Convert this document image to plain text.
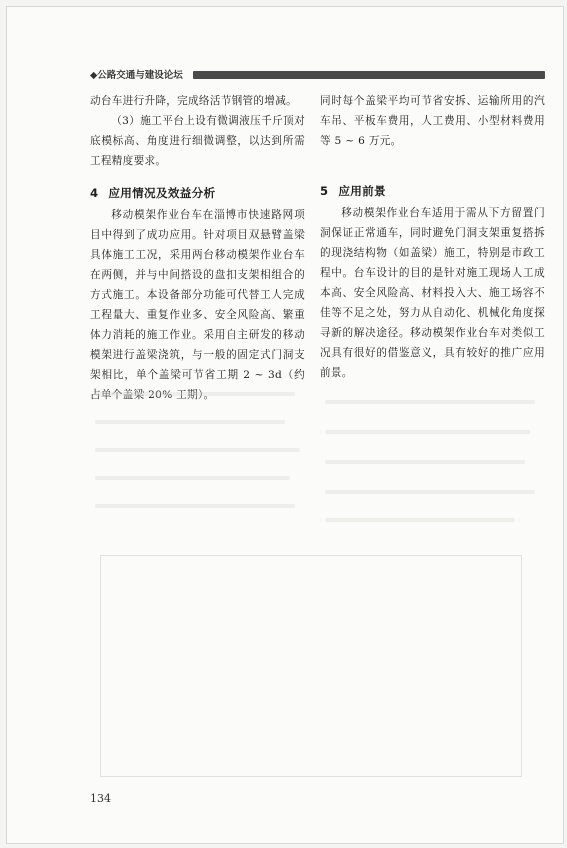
◆公路交通与建设论坛

动台车进行升降，完成络活节钢管的增减。

（3）施工平台上设有微调液压千斤顶对底模标高、角度进行细微调整，以达到所需工程精度要求。

4 应用情况及效益分析

移动模架作业台车在淄博市快速路网项目中得到了成功应用。针对项目双悬臂盖梁具体施工工况，采用两台移动模架作业台车在两侧，并与中间搭设的盘扣支架相组合的方式施工。本设备部分功能可代替工人完成工程量大、重复作业多、安全风险高、繁重体力消耗的施工作业。采用自主研发的移动模架进行盖梁浇筑，与一般的固定式门洞支架相比，单个盖梁可节省工期 2 ~ 3d（约占单个盖梁 20% 工期）。

同时每个盖梁平均可节省安拆、运输所用的汽车吊、平板车费用，人工费用、小型材料费用等 5 ~ 6 万元。

5 应用前景

移动模架作业台车适用于需从下方留置门洞保证正常通车，同时避免门洞支架重复搭拆的现浇结构物（如盖梁）施工，特别是市政工程中。台车设计的目的是针对施工现场人工成本高、安全风险高、材料投入大、施工场容不佳等不足之处，努力从自动化、机械化角度探寻新的解决途径。移动模架作业台车对类似工况具有很好的借鉴意义，具有较好的推广应用前景。

134
